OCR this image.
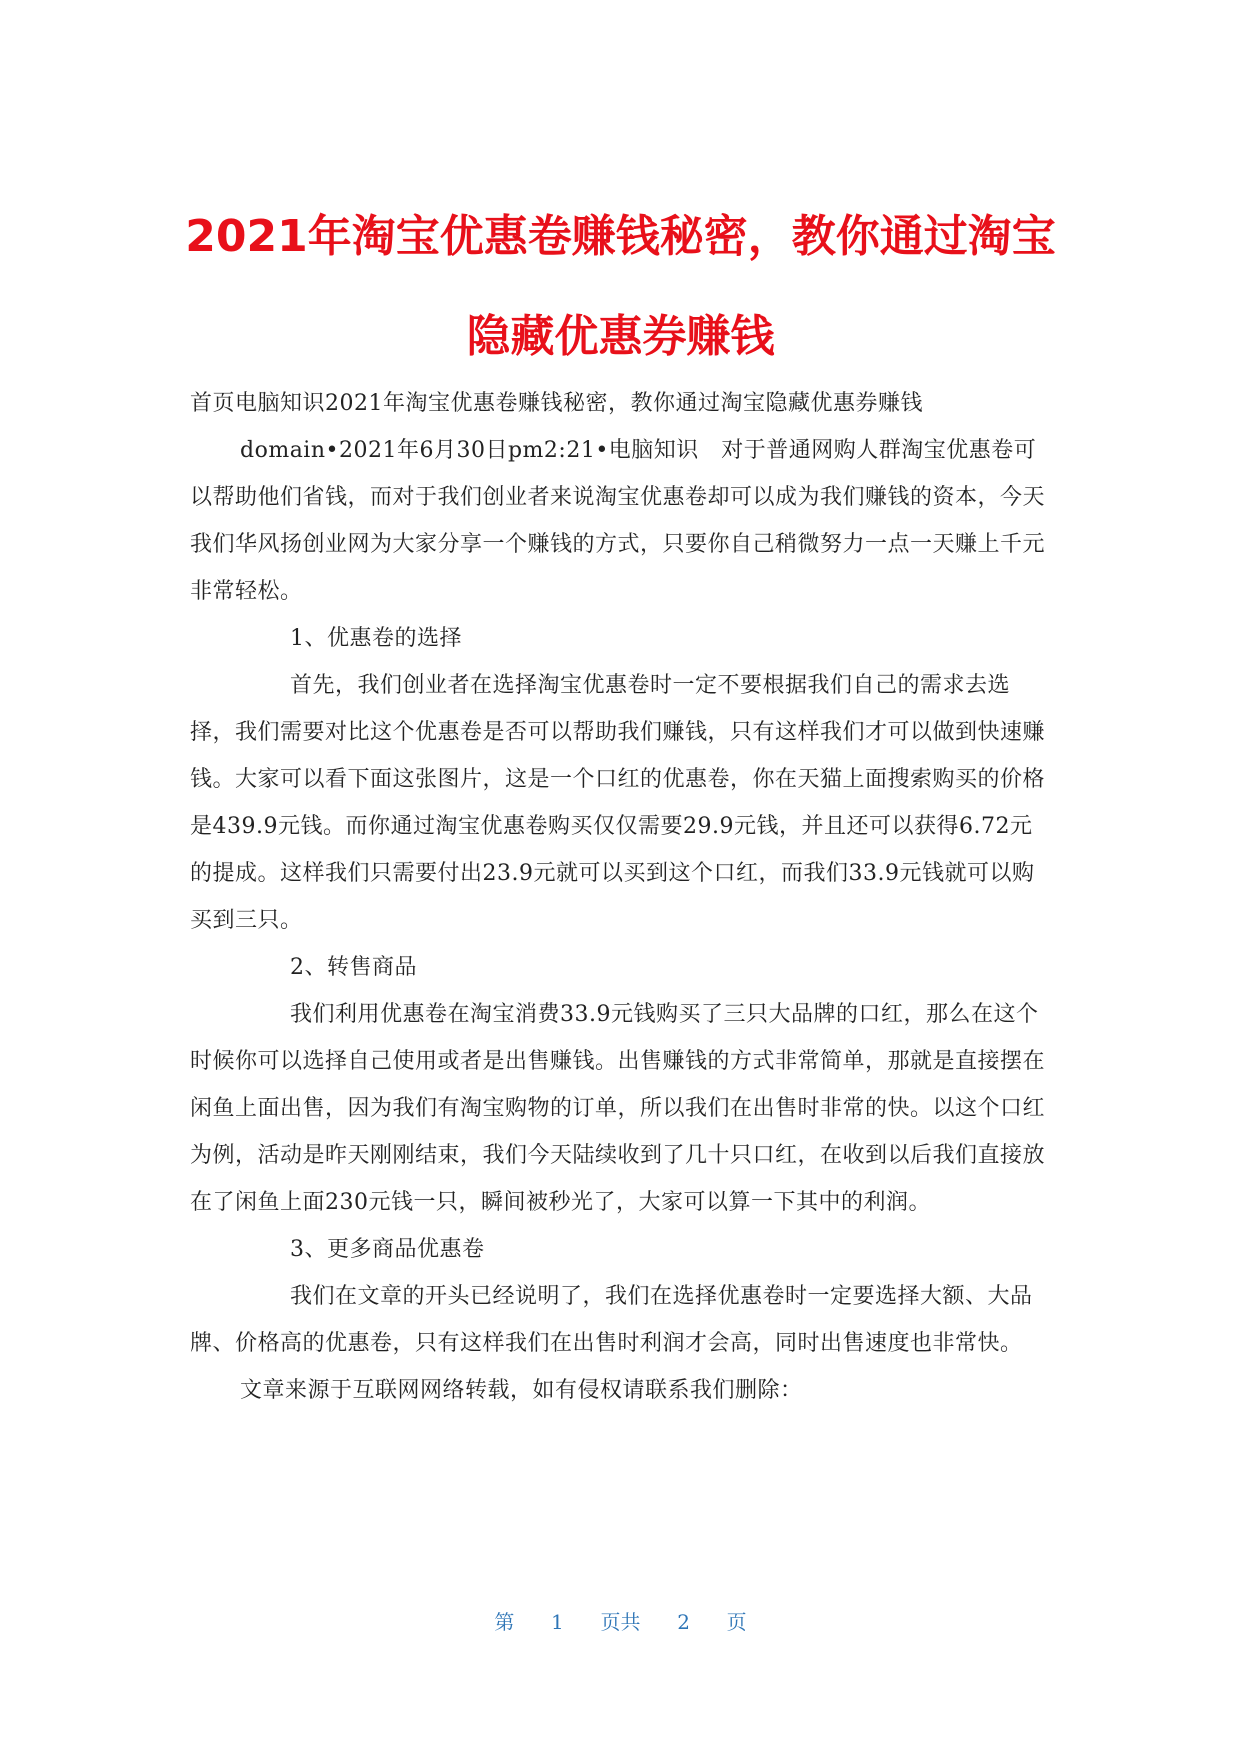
2021年淘宝优惠卷赚钱秘密，教你通过淘宝
隐藏优惠券赚钱

首页电脑知识2021年淘宝优惠卷赚钱秘密，教你通过淘宝隐藏优惠券赚钱

domain•2021年6月30日pm2:21•电脑知识　对于普通网购人群淘宝优惠卷可以帮助他们省钱，而对于我们创业者来说淘宝优惠卷却可以成为我们赚钱的资本，今天我们华风扬创业网为大家分享一个赚钱的方式，只要你自己稍微努力一点一天赚上千元非常轻松。

1、优惠卷的选择

首先，我们创业者在选择淘宝优惠卷时一定不要根据我们自己的需求去选择，我们需要对比这个优惠卷是否可以帮助我们赚钱，只有这样我们才可以做到快速赚钱。大家可以看下面这张图片，这是一个口红的优惠卷，你在天猫上面搜索购买的价格是439.9元钱。而你通过淘宝优惠卷购买仅仅需要29.9元钱，并且还可以获得6.72元的提成。这样我们只需要付出23.9元就可以买到这个口红，而我们33.9元钱就可以购买到三只。

2、转售商品

我们利用优惠卷在淘宝消费33.9元钱购买了三只大品牌的口红，那么在这个时候你可以选择自己使用或者是出售赚钱。出售赚钱的方式非常简单，那就是直接摆在闲鱼上面出售，因为我们有淘宝购物的订单，所以我们在出售时非常的快。以这个口红为例，活动是昨天刚刚结束，我们今天陆续收到了几十只口红，在收到以后我们直接放在了闲鱼上面230元钱一只，瞬间被秒光了，大家可以算一下其中的利润。

3、更多商品优惠卷

我们在文章的开头已经说明了，我们在选择优惠卷时一定要选择大额、大品牌、价格高的优惠卷，只有这样我们在出售时利润才会高，同时出售速度也非常快。

文章来源于互联网网络转载，如有侵权请联系我们删除：

第 1 页共 2 页
